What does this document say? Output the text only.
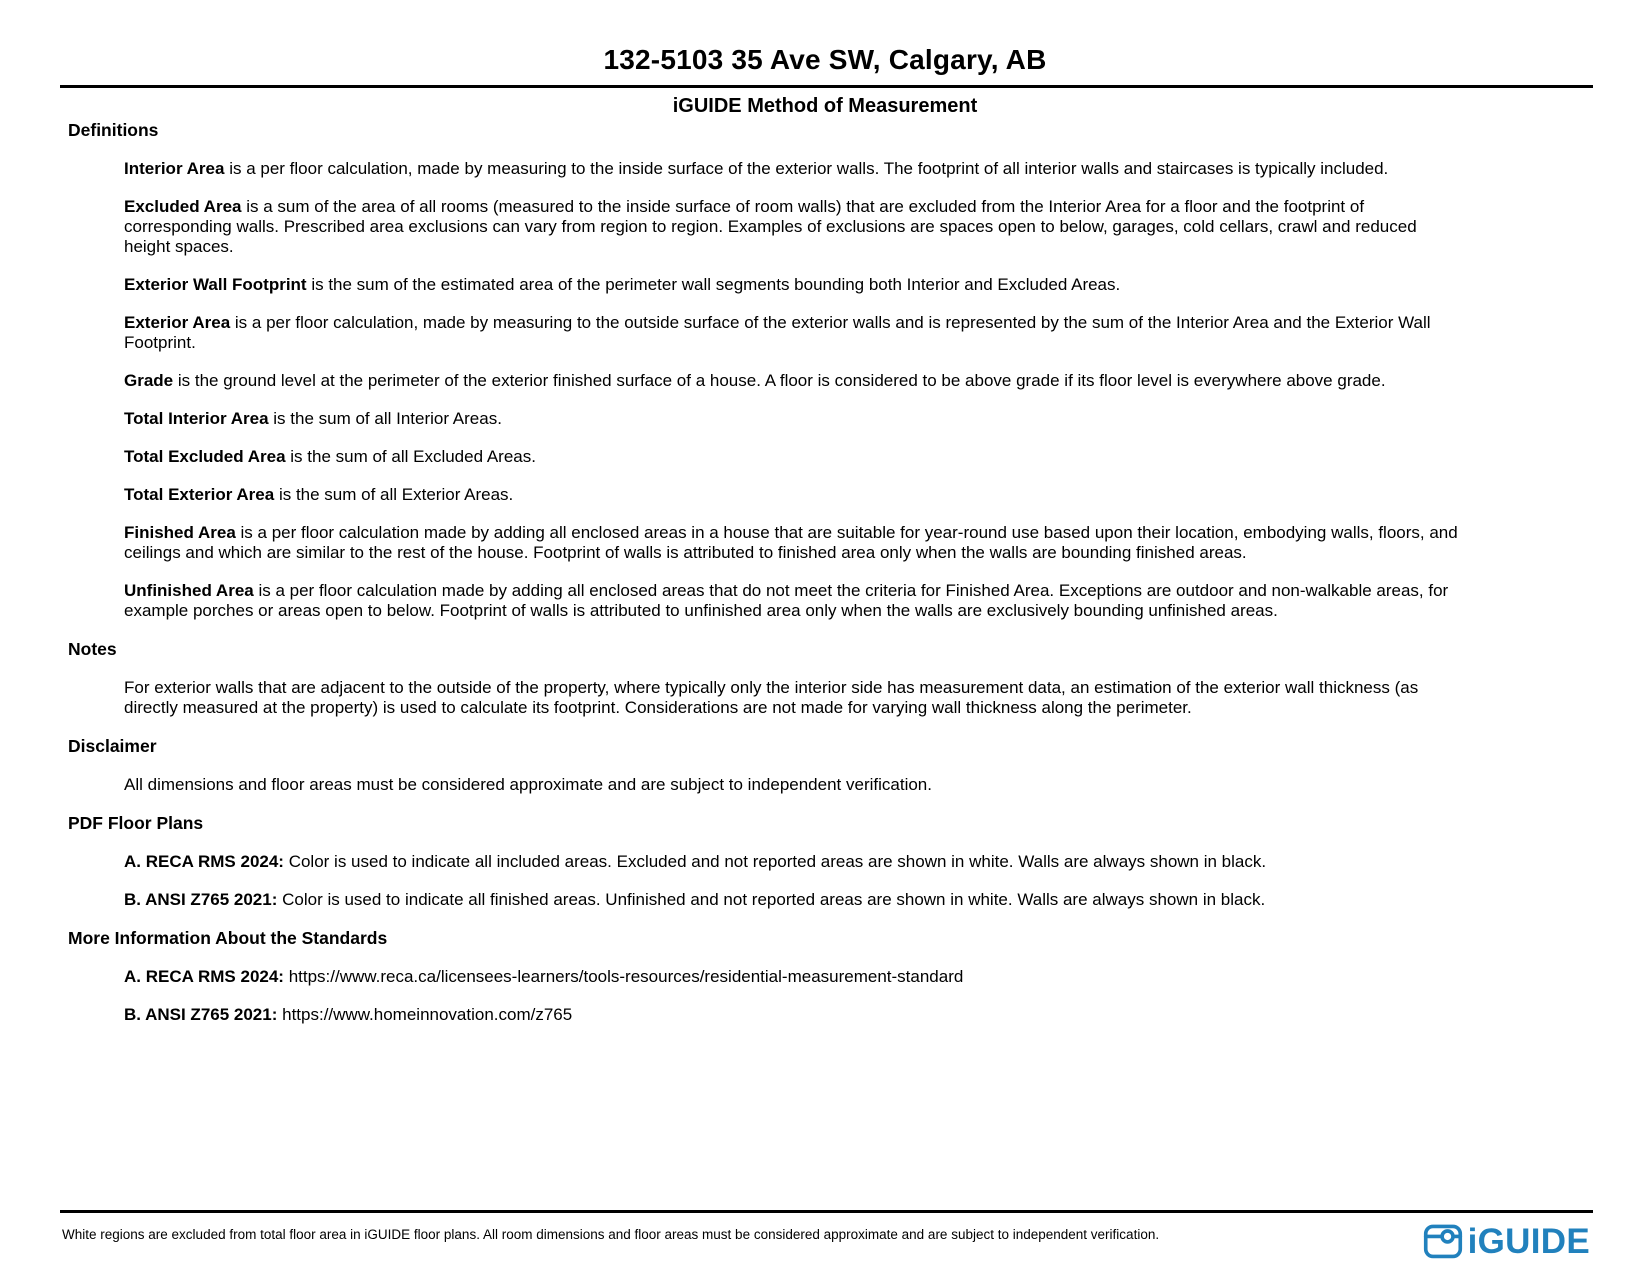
132-5103 35 Ave SW, Calgary, AB
iGUIDE Method of Measurement
Definitions

Interior Area is a per floor calculation, made by measuring to the inside surface of the exterior walls. The footprint of all interior walls and staircases is typically included.

Excluded Area is a sum of the area of all rooms (measured to the inside surface of room walls) that are excluded from the Interior Area for a floor and the footprint of corresponding walls. Prescribed area exclusions can vary from region to region. Examples of exclusions are spaces open to below, garages, cold cellars, crawl and reduced height spaces.

Exterior Wall Footprint is the sum of the estimated area of the perimeter wall segments bounding both Interior and Excluded Areas.

Exterior Area is a per floor calculation, made by measuring to the outside surface of the exterior walls and is represented by the sum of the Interior Area and the Exterior Wall Footprint.

Grade is the ground level at the perimeter of the exterior finished surface of a house. A floor is considered to be above grade if its floor level is everywhere above grade.

Total Interior Area is the sum of all Interior Areas.

Total Excluded Area is the sum of all Excluded Areas.

Total Exterior Area is the sum of all Exterior Areas.

Finished Area is a per floor calculation made by adding all enclosed areas in a house that are suitable for year-round use based upon their location, embodying walls, floors, and ceilings and which are similar to the rest of the house. Footprint of walls is attributed to finished area only when the walls are bounding finished areas.

Unfinished Area is a per floor calculation made by adding all enclosed areas that do not meet the criteria for Finished Area. Exceptions are outdoor and non-walkable areas, for example porches or areas open to below. Footprint of walls is attributed to unfinished area only when the walls are exclusively bounding unfinished areas.

Notes

For exterior walls that are adjacent to the outside of the property, where typically only the interior side has measurement data, an estimation of the exterior wall thickness (as directly measured at the property) is used to calculate its footprint. Considerations are not made for varying wall thickness along the perimeter.

Disclaimer

All dimensions and floor areas must be considered approximate and are subject to independent verification.

PDF Floor Plans

A. RECA RMS 2024: Color is used to indicate all included areas. Excluded and not reported areas are shown in white. Walls are always shown in black.

B. ANSI Z765 2021: Color is used to indicate all finished areas. Unfinished and not reported areas are shown in white. Walls are always shown in black.

More Information About the Standards

A. RECA RMS 2024: https://www.reca.ca/licensees-learners/tools-resources/residential-measurement-standard

B. ANSI Z765 2021: https://www.homeinnovation.com/z765

White regions are excluded from total floor area in iGUIDE floor plans. All room dimensions and floor areas must be considered approximate and are subject to independent verification.	iGUIDE
